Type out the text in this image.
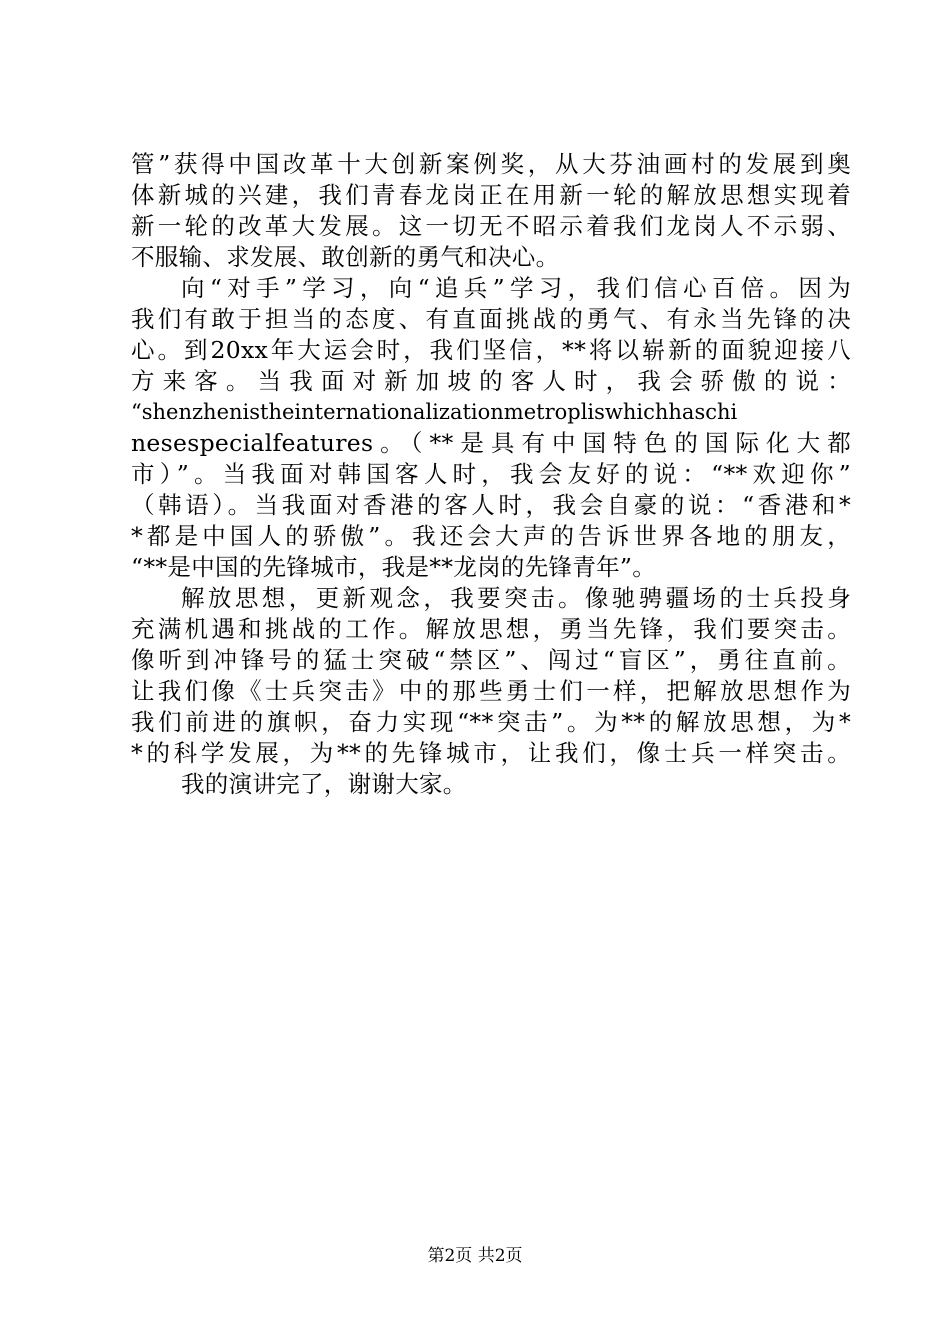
管”获得中国改革十大创新案例奖，从大芬油画村的发展到奥
体新城的兴建，我们青春龙岗正在用新一轮的解放思想实现着
新一轮的改革大发展。这一切无不昭示着我们龙岗人不示弱、
不服输、求发展、敢创新的勇气和决心。
向“对手”学习，向“追兵”学习，我们信心百倍。因为
我们有敢于担当的态度、有直面挑战的勇气、有永当先锋的决
心。到20xx年大运会时，我们坚信，**将以崭新的面貌迎接八
方来客。当我面对新加坡的客人时，我会骄傲的说：
“shenzhenistheinternationalizationmetropliswhichhaschi
nesespecialfeatures。（**是具有中国特色的国际化大都
市）”。当我面对韩国客人时，我会友好的说：“**欢迎你”
（韩语）。当我面对香港的客人时，我会自豪的说：“香港和*
*都是中国人的骄傲”。我还会大声的告诉世界各地的朋友，
“**是中国的先锋城市，我是**龙岗的先锋青年”。
解放思想，更新观念，我要突击。像驰骋疆场的士兵投身
充满机遇和挑战的工作。解放思想，勇当先锋，我们要突击。
像听到冲锋号的猛士突破“禁区”、闯过“盲区”，勇往直前。
让我们像《士兵突击》中的那些勇士们一样，把解放思想作为
我们前进的旗帜，奋力实现“**突击”。为**的解放思想，为*
*的科学发展，为**的先锋城市，让我们，像士兵一样突击。
我的演讲完了，谢谢大家。
第2页 共2页
